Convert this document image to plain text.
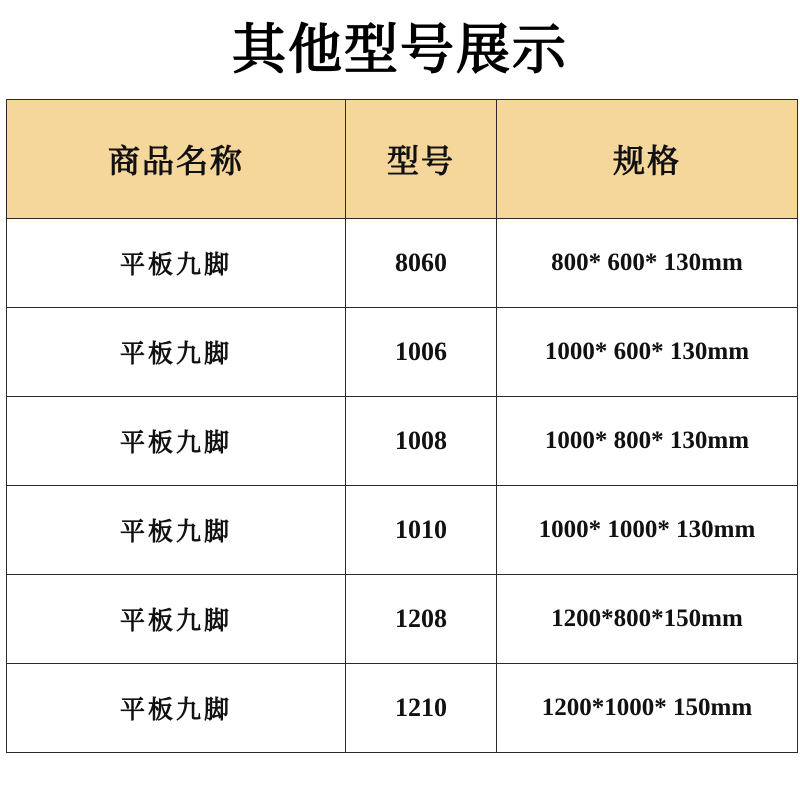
其他型号展示
商品名称	型号	规格
平板九脚	8060	800* 600* 130mm
平板九脚	1006	1000* 600* 130mm
平板九脚	1008	1000* 800* 130mm
平板九脚	1010	1000* 1000* 130mm
平板九脚	1208	1200*800*150mm
平板九脚	1210	1200*1000* 150mm
